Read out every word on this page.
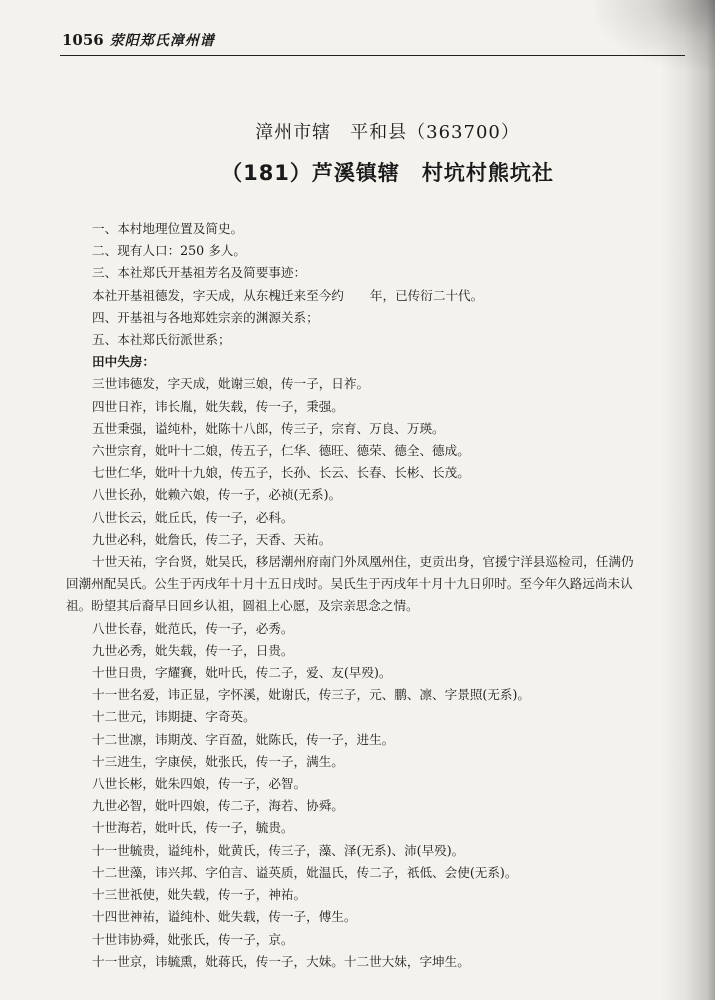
1056 荥阳郑氏漳州谱
漳州市辖　平和县（363700）
（181）芦溪镇辖　村坑村熊坑社
一、本村地理位置及简史。
二、现有人口：250 多人。
三、本社郑氏开基祖芳名及简要事迹：
本社开基祖德发，字天成，从东槐迁来至今约 年，已传衍二十代。
四、开基祖与各地郑姓宗亲的渊源关系；
五、本社郑氏衍派世系；
田中失房：
三世讳德发，字天成，妣谢三娘，传一子，日祚。
四世日祚，讳长胤，妣失载，传一子，秉强。
五世秉强，谥纯朴，妣陈十八郎，传三子，宗育、万良、万瑛。
六世宗育，妣叶十二娘，传五子，仁华、德旺、德荣、德全、德成。
七世仁华，妣叶十九娘，传五子，长孙、长云、长春、长彬、长茂。
八世长孙，妣赖六娘，传一子，必祯(无系)。
八世长云，妣丘氏，传一子，必科。
九世必科，妣詹氏，传二子，天香、天祐。
十世天祐，字台贤，妣吴氏，移居潮州府南门外凤凰州住，吏贡出身，官援宁洋县巡检司，任满仍
回潮州配吴氏。公生于丙戌年十月十五日戌时。吴氏生于丙戌年十月十九日卯时。至今年久路远尚未认
祖。盼望其后裔早日回乡认祖，圆祖上心愿，及宗亲思念之情。
八世长春，妣范氏，传一子，必秀。
九世必秀，妣失载，传一子，日贵。
十世日贵，字耀賽，妣叶氏，传二子，爱、友(早殁)。
十一世名爱，讳正显，字怀溪，妣谢氏，传三子，元、鹏、凛、字景照(无系)。
十二世元，讳期捷、字奇英。
十二世凛，讳期茂、字百盈，妣陈氏，传一子，进生。
十三进生，字康侯，妣张氏，传一子，满生。
八世长彬，妣朱四娘，传一子，必智。
九世必智，妣叶四娘，传二子，海若、协舜。
十世海若，妣叶氏，传一子，毓贵。
十一世毓贵，谥纯朴，妣黄氏，传三子，藻、泽(无系)、沛(早殁)。
十二世藻，讳兴邦、字伯言、谥英质，妣温氏，传二子，祇低、会使(无系)。
十三世祇使，妣失载，传一子，神祐。
十四世神祐，谥纯朴、妣失载，传一子，傅生。
十世讳协舜，妣张氏，传一子，京。
十一世京，讳毓熏，妣蒋氏，传一子，大妹。十二世大妹，字坤生。
